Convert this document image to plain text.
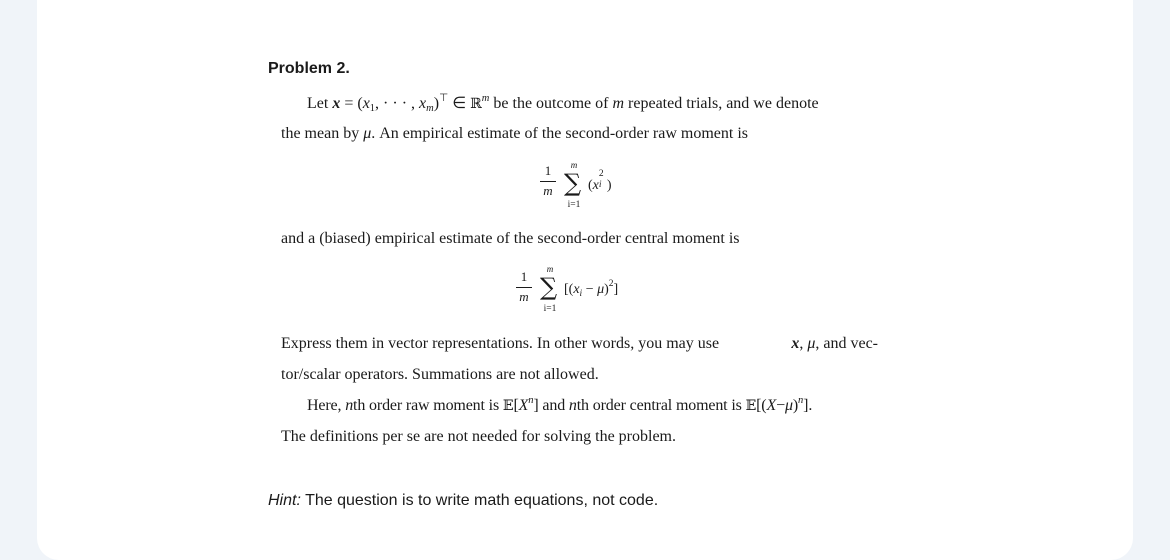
Problem 2.
Let x = (x1, · · · , xm)⊤ ∈ ℝ$^m$ be the outcome of m repeated trials, and we denote
the mean by μ. An empirical estimate of the second-order raw moment is
1
m
m
∑
i=1
(x
2
i )
and a (biased) empirical estimate of the second-order central moment is
1
m
m
∑
i=1
$[(x_i - \mu)^2]$
Express them in vector representations. In other words, you may use	x, μ, and vec-
tor/scalar operators. Summations are not allowed.
Here, nth order raw moment is $𝔼[X^n]$ and nth order central moment is $𝔼[(X-\mu)^n]$.
The definitions per se are not needed for solving the problem.
Hint: The question is to write math equations, not code.
